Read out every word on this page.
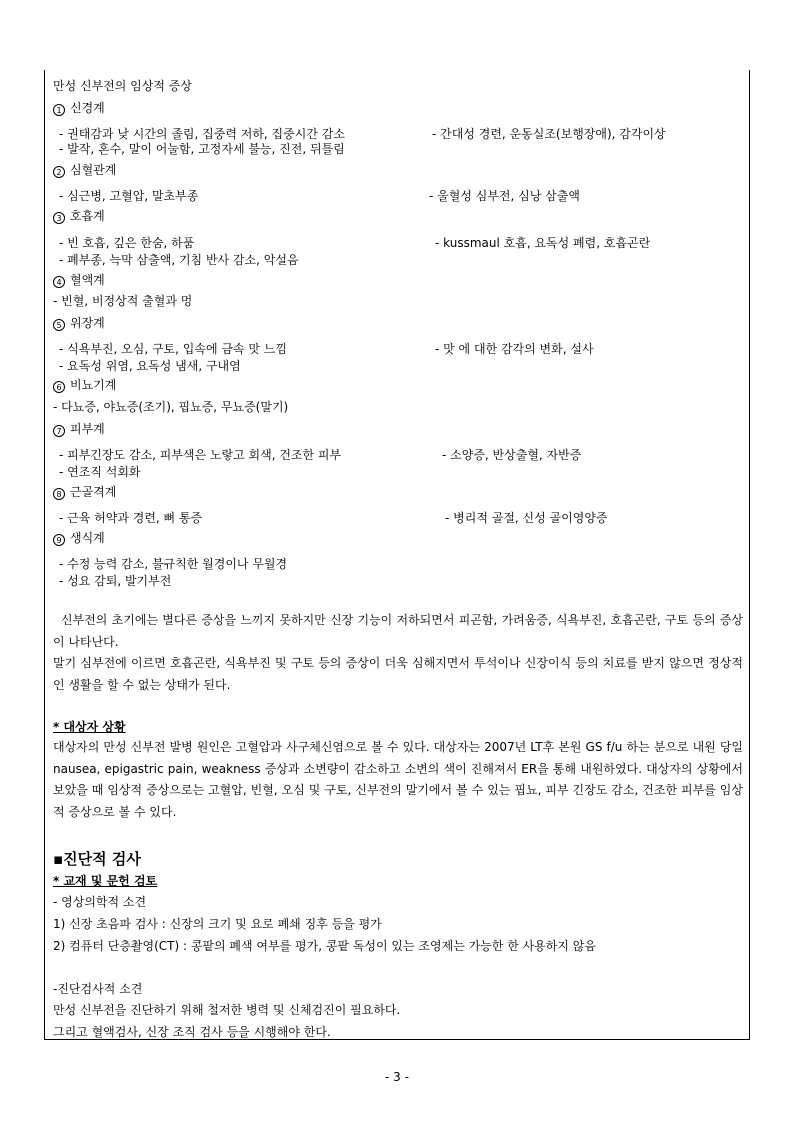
만성 신부전의 임상적 증상
1 신경계
- 권태감과 낮 시간의 졸림, 집중력 저하, 집중시간 감소	- 간대성 경련, 운동실조(보행장애), 감각이상
- 발작, 혼수, 말이 어눌함, 고정자세 불능, 진전, 뒤틀림
2 심혈관계
- 심근병, 고혈압, 말초부종	- 울혈성 심부전, 심낭 삼출액
3 호흡계
- 빈 호흡, 깊은 한숨, 하품	- kussmaul 호흡, 요독성 폐렴, 호흡곤란
- 폐부종, 늑막 삼출액, 기침 반사 감소, 악설음
4 혈액계
- 빈혈, 비정상적 출혈과 멍
5 위장계
- 식욕부진, 오심, 구토, 입속에 금속 맛 느낌	- 맛 에 대한 감각의 변화, 설사
- 요독성 위염, 요독성 냄새, 구내염
6 비뇨기계
- 다뇨증, 야뇨증(조기), 핍뇨증, 무뇨증(말기)
7 피부계
- 피부긴장도 감소, 피부색은 노랗고 회색, 건조한 피부	- 소양증, 반상출혈, 자반증
- 연조직 석회화
8 근골격계
- 근육 허약과 경련, 뼈 통증	- 병리적 골절, 신성 골이영양증
9 생식계
- 수정 능력 감소, 불규칙한 월경이나 무월경
- 성요 감퇴, 발기부전
신부전의 초기에는 별다른 증상을 느끼지 못하지만 신장 기능이 저하되면서 피곤함, 가려움증, 식욕부진, 호흡곤란, 구토 등의 증상이 나타난다.
말기 심부전에 이르면 호흡곤란, 식욕부진 및 구토 등의 증상이 더욱 심해지면서 투석이나 신장이식 등의 치료를 받지 않으면 정상적인 생활을 할 수 없는 상태가 된다.
* 대상자 상황
대상자의 만성 신부전 발병 원인은 고혈압과 사구체신염으로 볼 수 있다. 대상자는 2007년 LT후 본원 GS f/u 하는 분으로 내원 당일 nausea, epigastric pain, weakness 증상과 소변량이 감소하고 소변의 색이 진해져서 ER을 통해 내원하였다. 대상자의 상황에서 보았을 때 임상적 증상으로는 고혈압, 빈혈, 오심 및 구토, 신부전의 말기에서 볼 수 있는 핍뇨, 피부 긴장도 감소, 건조한 피부를 임상적 증상으로 볼 수 있다.
▪진단적 검사
* 교재 및 문헌 검토
- 영상의학적 소견
1) 신장 초음파 검사 : 신장의 크기 및 요로 폐쇄 징후 등을 평가
2) 컴퓨터 단층촬영(CT) : 콩팥의 폐색 여부를 평가, 콩팥 독성이 있는 조영제는 가능한 한 사용하지 않음
-진단검사적 소견
만성 신부전을 진단하기 위해 철저한 병력 및 신체검진이 필요하다.
그리고 혈액검사, 신장 조직 검사 등을 시행해야 한다.
- 3 -
